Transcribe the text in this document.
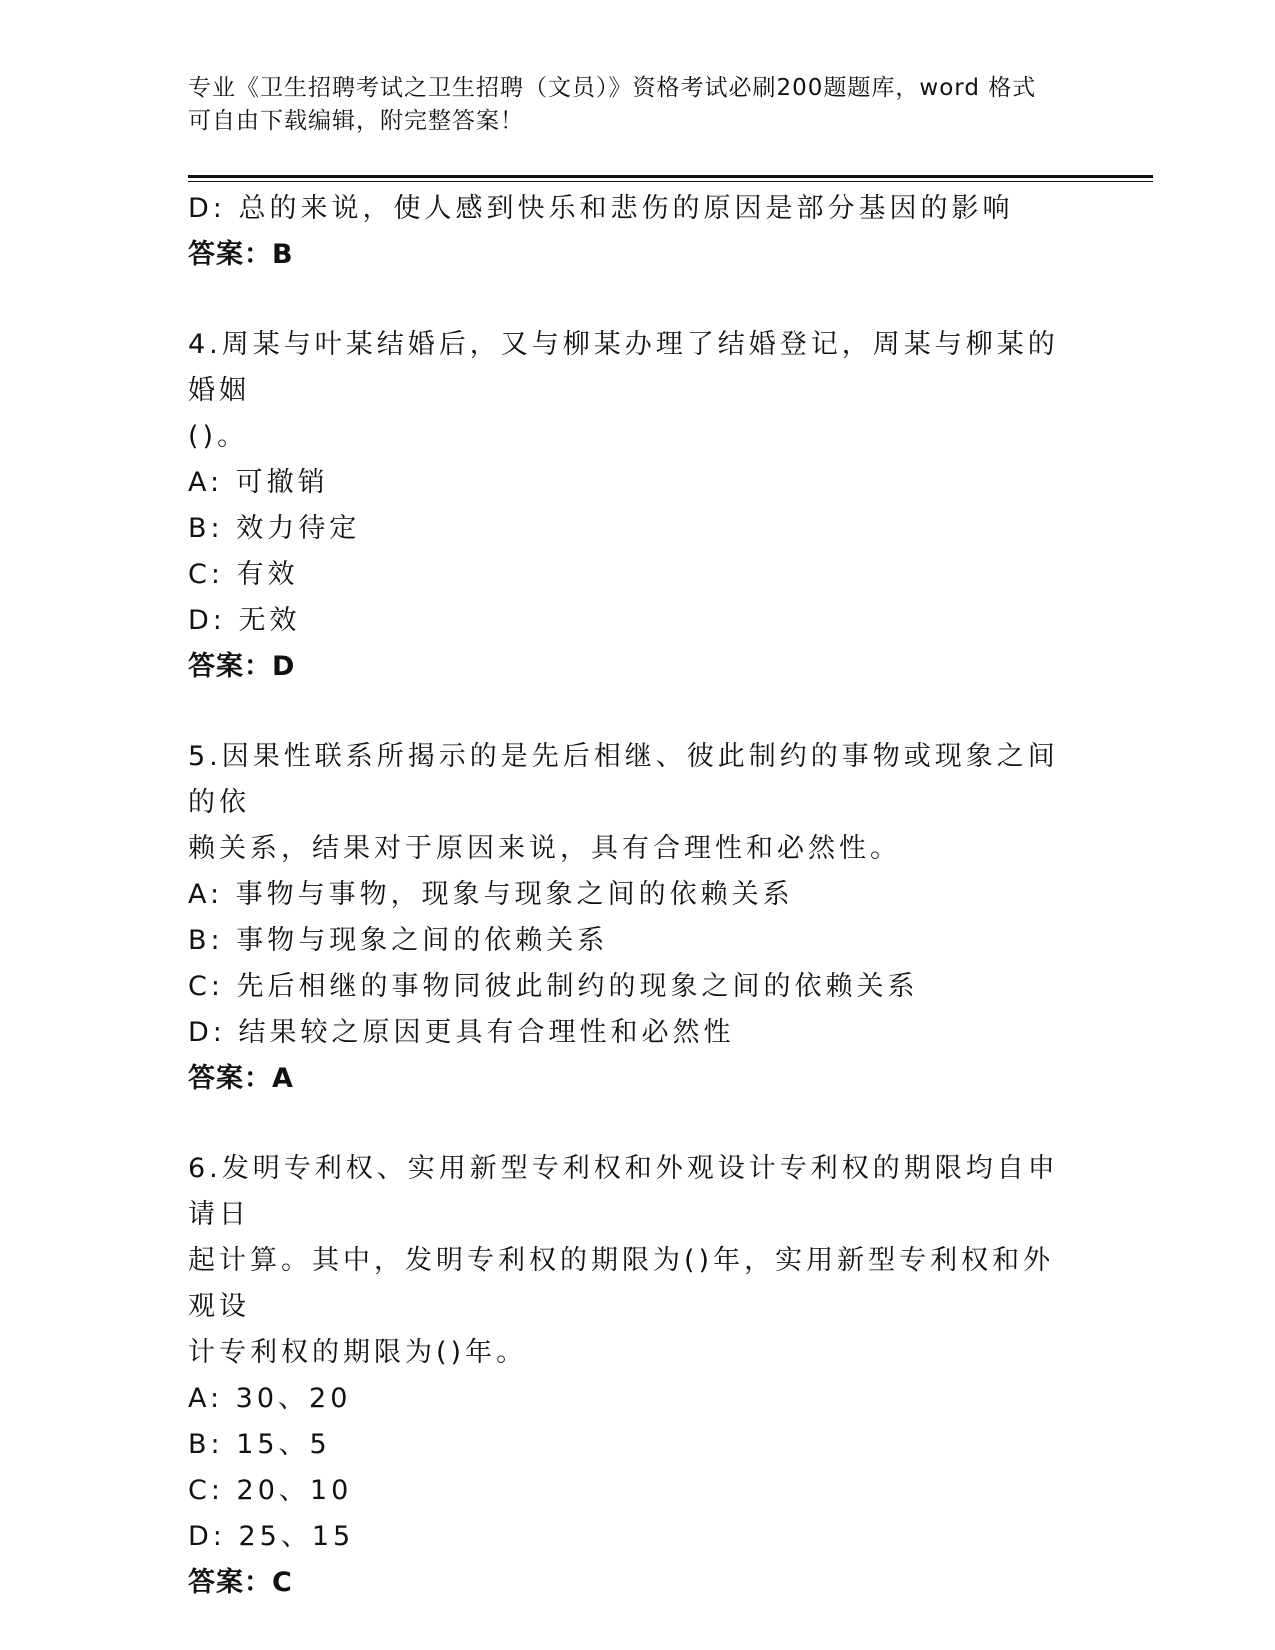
专业《卫生招聘考试之卫生招聘（文员）》资格考试必刷200题题库，word 格式
可自由下载编辑，附完整答案！
D: 总的来说，使人感到快乐和悲伤的原因是部分基因的影响
答案：B
4.周某与叶某结婚后，又与柳某办理了结婚登记，周某与柳某的婚姻
()。
A: 可撤销
B: 效力待定
C: 有效
D: 无效
答案：D
5.因果性联系所揭示的是先后相继、彼此制约的事物或现象之间的依
赖关系，结果对于原因来说，具有合理性和必然性。
A: 事物与事物，现象与现象之间的依赖关系
B: 事物与现象之间的依赖关系
C: 先后相继的事物同彼此制约的现象之间的依赖关系
D: 结果较之原因更具有合理性和必然性
答案：A
6.发明专利权、实用新型专利权和外观设计专利权的期限均自申请日
起计算。其中，发明专利权的期限为()年，实用新型专利权和外观设
计专利权的期限为()年。
A: 30、20
B: 15、5
C: 20、10
D: 25、15
答案：C
